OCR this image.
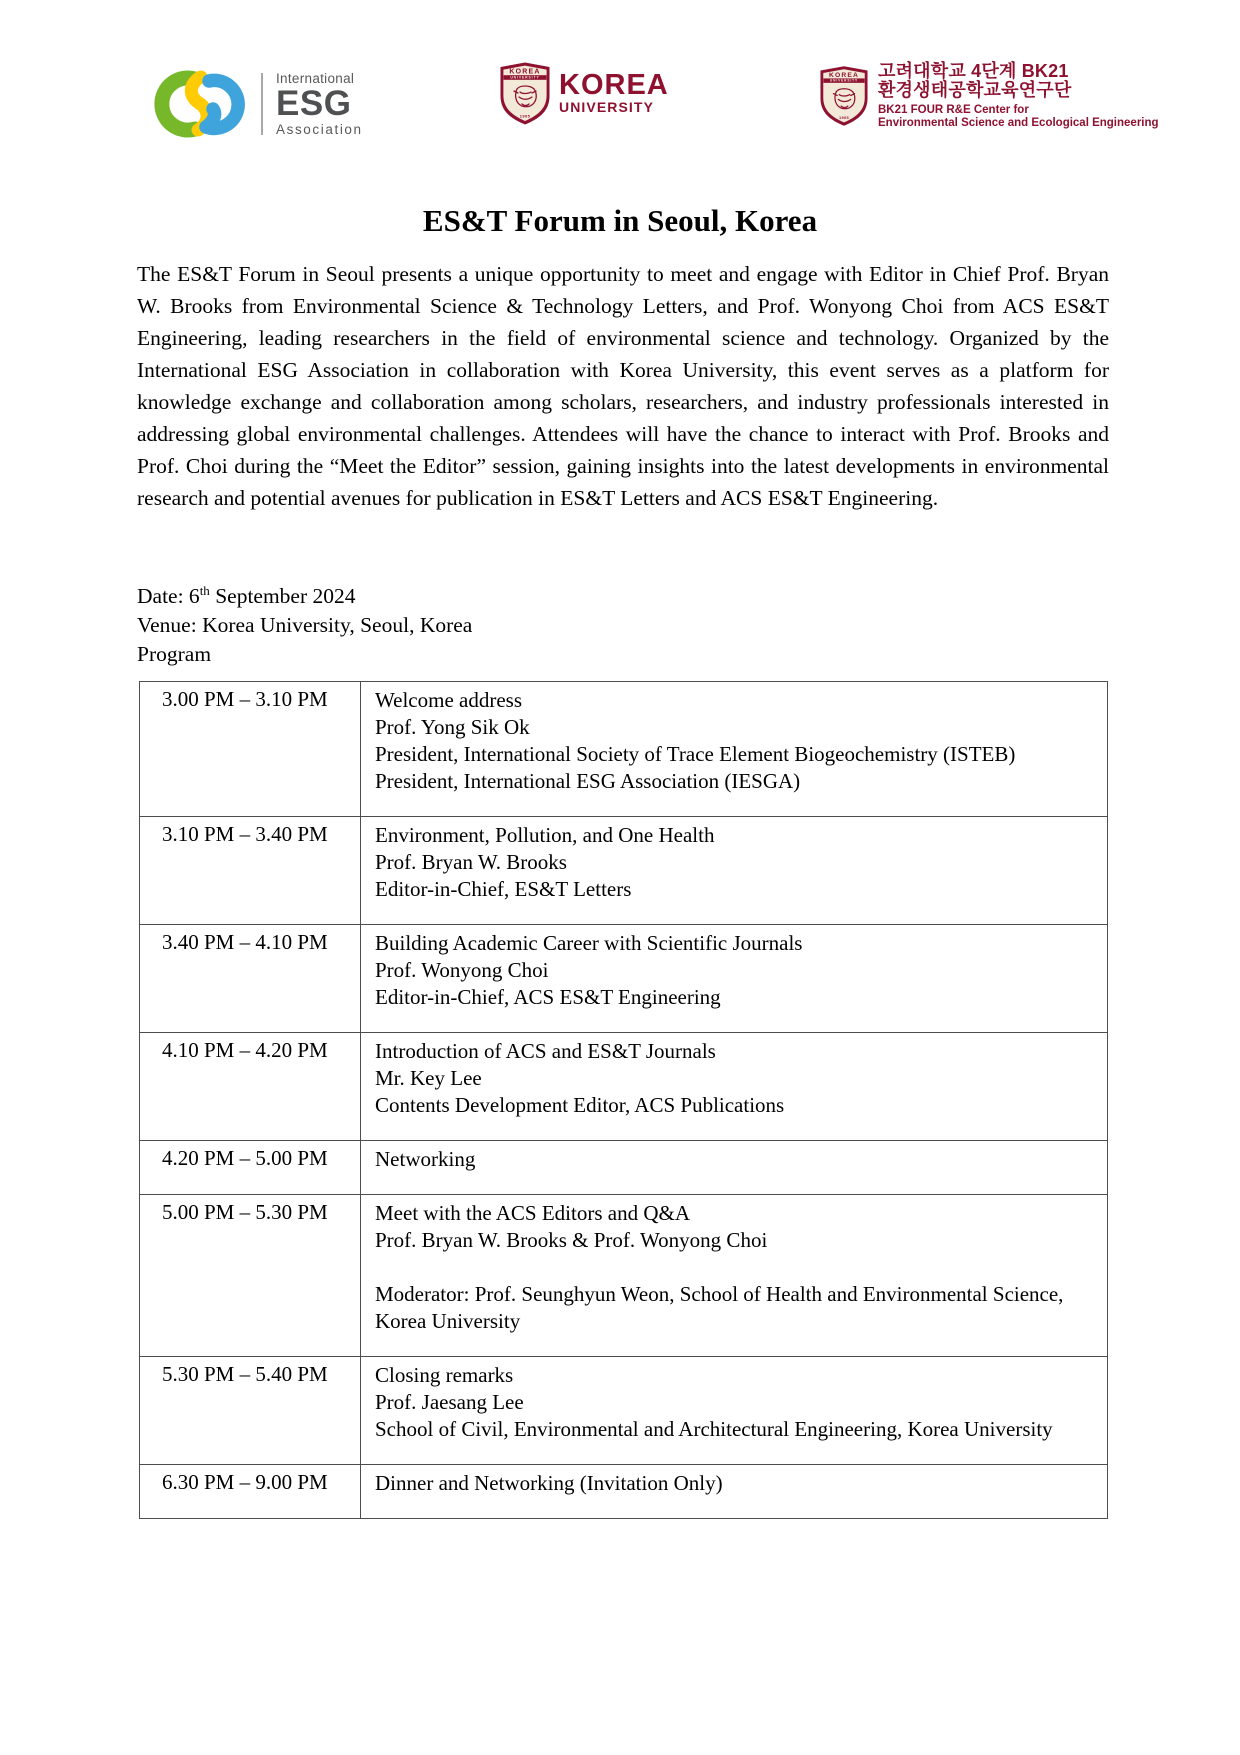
International
ESG
Association
KOREA
UNIVERSITY
고려대학교 4단계 BK21
환경생태공학교육연구단
BK21 FOUR R&E Center for
Environmental Science and Ecological Engineering
ES&T Forum in Seoul, Korea

The ES&T Forum in Seoul presents a unique opportunity to meet and engage with Editor in Chief Prof. Bryan W. Brooks from Environmental Science & Technology Letters, and Prof. Wonyong Choi from ACS ES&T Engineering, leading researchers in the field of environmental science and technology. Organized by the International ESG Association in collaboration with Korea University, this event serves as a platform for knowledge exchange and collaboration among scholars, researchers, and industry professionals interested in addressing global environmental challenges. Attendees will have the chance to interact with Prof. Brooks and Prof. Choi during the “Meet the Editor” session, gaining insights into the latest developments in environmental research and potential avenues for publication in ES&T Letters and ACS ES&T Engineering.

Date: 6th September 2024
Venue: Korea University, Seoul, Korea
Program
3.00 PM – 3.10 PM	Welcome address
Prof. Yong Sik Ok
President, International Society of Trace Element Biogeochemistry (ISTEB)
President, International ESG Association (IESGA)

3.10 PM – 3.40 PM	Environment, Pollution, and One Health
Prof. Bryan W. Brooks
Editor-in-Chief, ES&T Letters

3.40 PM – 4.10 PM	Building Academic Career with Scientific Journals
Prof. Wonyong Choi
Editor-in-Chief, ACS ES&T Engineering

4.10 PM – 4.20 PM	Introduction of ACS and ES&T Journals
Mr. Key Lee
Contents Development Editor, ACS Publications

4.20 PM – 5.00 PM	Networking

5.00 PM – 5.30 PM	Meet with the ACS Editors and Q&A
Prof. Bryan W. Brooks & Prof. Wonyong Choi
Moderator: Prof. Seunghyun Weon, School of Health and Environmental Science, Korea University

5.30 PM – 5.40 PM	Closing remarks
Prof. Jaesang Lee
School of Civil, Environmental and Architectural Engineering, Korea University

6.30 PM – 9.00 PM	Dinner and Networking (Invitation Only)
